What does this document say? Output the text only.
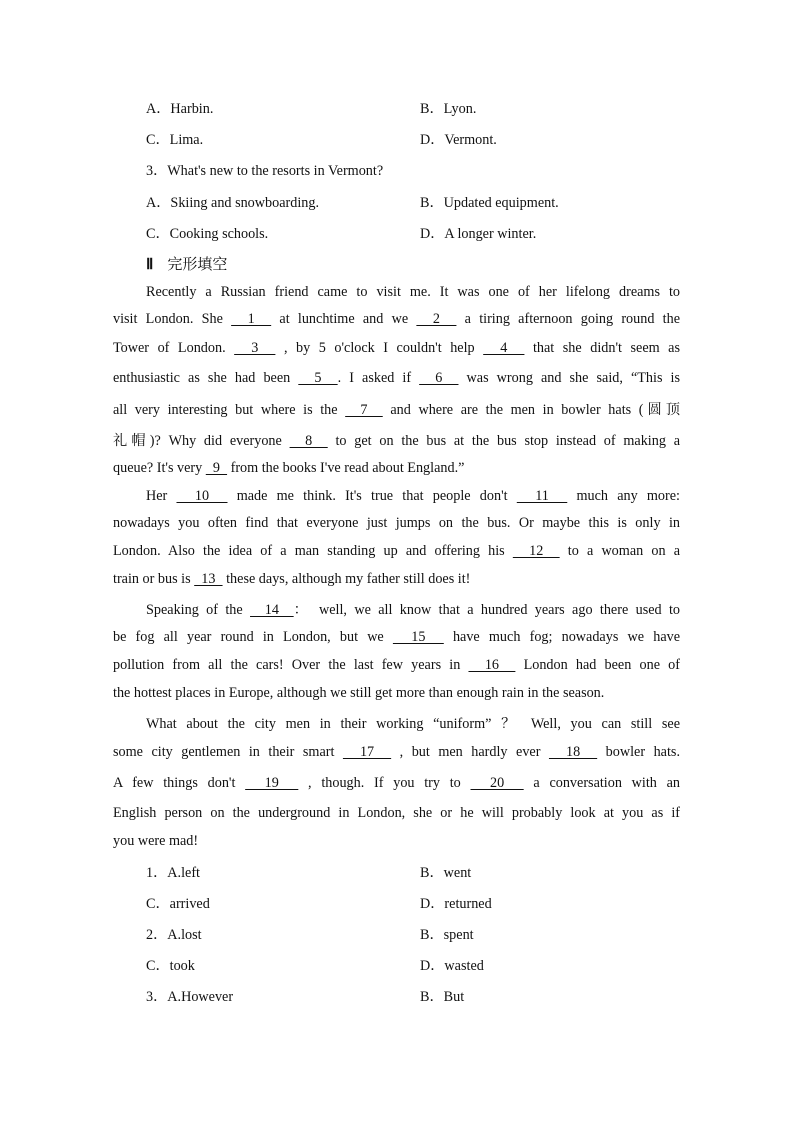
A．Harbin.	B．Lyon.
C．Lima.	D．Vermont.
3．What's new to the resorts in Vermont?
A．Skiing and snowboarding.	B．Updated equipment.
C．Cooking schools.	D．A longer winter.
Ⅱ 完形填空
Recently a Russian friend came to visit me. It was one of her lifelong dreams to
visit London. She   1   at lunchtime and we   2   a tiring afternoon going round the
Tower of London.   3   , by 5 o'clock I couldn't help   4   that she didn't seem as
enthusiastic as she had been   5  . I asked if   6   was wrong and she said, “This is
all very interesting but where is the   7   and where are the men in bowler hats (圆顶
礼帽)? Why did everyone   8   to get on the bus at the bus stop instead of making a
queue? It's very   9   from the books I've read about England.”
Her   10   made me think. It's true that people don't   11   much any more:
nowadays you often find that everyone just jumps on the bus. Or maybe this is only in
London. Also the idea of a man standing up and offering his   12   to a woman on a
train or bus is   13   these days, although my father still does it!
Speaking of the   14  ： well, we all know that a hundred years ago there used to
be fog all year round in London, but we   15   have much fog; nowadays we have
pollution from all the cars! Over the last few years in   16   London had been one of
the hottest places in Europe, although we still get more than enough rain in the season.
What about the city men in their working “uniform” ？ Well, you can still see
some city gentlemen in their smart   17   , but men hardly ever   18   bowler hats.
A few things don't   19   , though. If you try to   20   a conversation with an
English person on the underground in London, she or he will probably look at you as if
you were mad!
1．A.left	B．went
C．arrived	D．returned
2．A.lost	B．spent
C．took	D．wasted
3．A.However	B．But
